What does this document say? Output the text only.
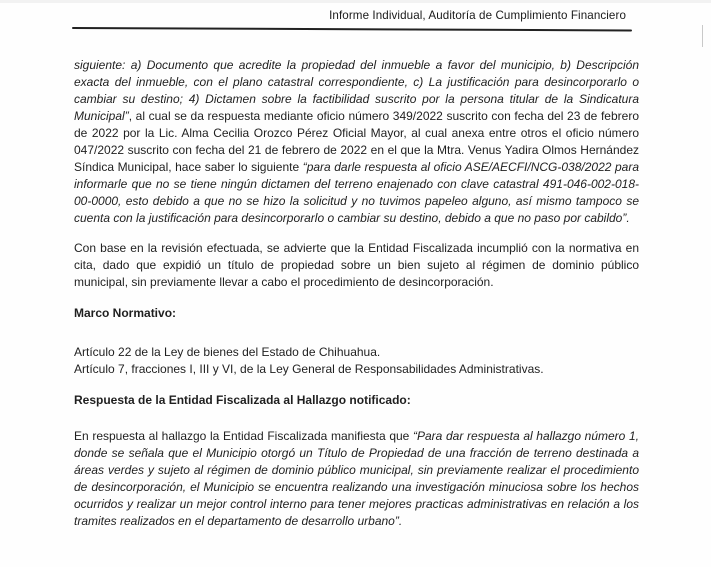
Informe Individual, Auditoría de Cumplimiento Financiero

siguiente: a) Documento que acredite la propiedad del inmueble a favor del municipio, b) Descripción exacta del inmueble, con el plano catastral correspondiente, c) La justificación para desincorporarlo o cambiar su destino; 4) Dictamen sobre la factibilidad suscrito por la persona titular de la Sindicatura Municipal”, al cual se da respuesta mediante oficio número 349/2022 suscrito con fecha del 23 de febrero de 2022 por la Lic. Alma Cecilia Orozco Pérez Oficial Mayor, al cual anexa entre otros el oficio número 047/2022 suscrito con fecha del 21 de febrero de 2022 en el que la Mtra. Venus Yadira Olmos Hernández Síndica Municipal, hace saber lo siguiente “para darle respuesta al oficio ASE/AECFI/NCG-038/2022 para informarle que no se tiene ningún dictamen del terreno enajenado con clave catastral 491-046-002-018-00-0000, esto debido a que no se hizo la solicitud y no tuvimos papeleo alguno, así mismo tampoco se cuenta con la justificación para desincorporarlo o cambiar su destino, debido a que no paso por cabildo”.

Con base en la revisión efectuada, se advierte que la Entidad Fiscalizada incumplió con la normativa en cita, dado que expidió un título de propiedad sobre un bien sujeto al régimen de dominio público municipal, sin previamente llevar a cabo el procedimiento de desincorporación.

Marco Normativo:

Artículo 22 de la Ley de bienes del Estado de Chihuahua.
Artículo 7, fracciones I, III y VI, de la Ley General de Responsabilidades Administrativas.

Respuesta de la Entidad Fiscalizada al Hallazgo notificado:

En respuesta al hallazgo la Entidad Fiscalizada manifiesta que “Para dar respuesta al hallazgo número 1, donde se señala que el Municipio otorgó un Título de Propiedad de una fracción de terreno destinada a áreas verdes y sujeto al régimen de dominio público municipal, sin previamente realizar el procedimiento de desincorporación, el Municipio se encuentra realizando una investigación minuciosa sobre los hechos ocurridos y realizar un mejor control interno para tener mejores practicas administrativas en relación a los tramites realizados en el departamento de desarrollo urbano”.
